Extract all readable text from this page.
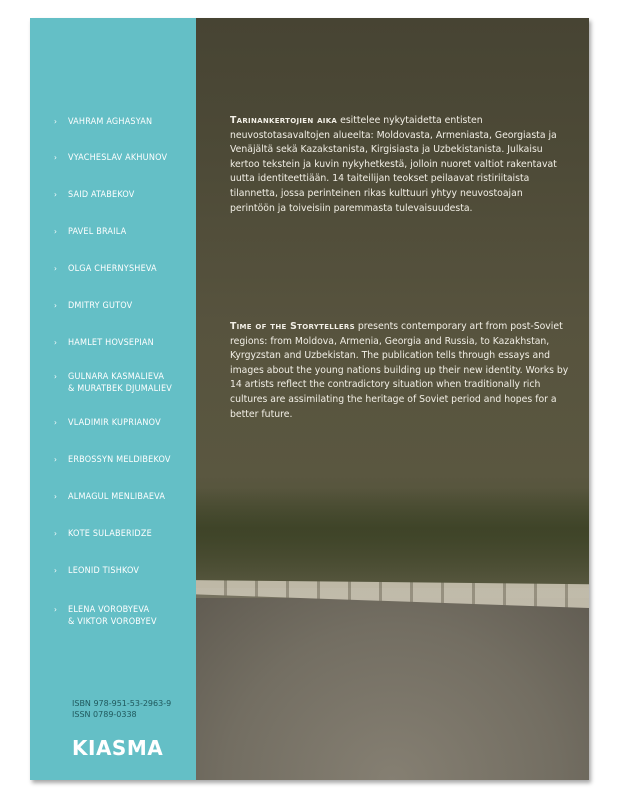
›	VAHRAM AGHASYAN
›	VYACHESLAV AKHUNOV
›	SAID ATABEKOV
›	PAVEL BRAILA
›	OLGA CHERNYSHEVA
›	DMITRY GUTOV
›	HAMLET HOVSEPIAN
›	GULNARA KASMALIEVA
& MURATBEK DJUMALIEV
›	VLADIMIR KUPRIANOV
›	ERBOSSYN MELDIBEKOV
›	ALMAGUL MENLIBAEVA
›	KOTE SULABERIDZE
›	LEONID TISHKOV
›	ELENA VOROBYEVA
& VIKTOR VOROBYEV
ISBN 978-951-53-2963-9
ISSN 0789-0338
KIASMA

Tarinankertojien aika esittelee nykytaidetta entisten neuvostotasavaltojen alueelta: Moldovasta, Armeniasta, Georgiasta ja Venäjältä sekä Kazakstanista, Kirgisiasta ja Uzbekistanista. Julkaisu kertoo tekstein ja kuvin nykyhetkestä, jolloin nuoret valtiot rakentavat uutta identiteettiään. 14 taiteilijan teokset peilaavat ristiriitaista tilannetta, jossa perinteinen rikas kulttuuri yhtyy neuvostoajan perintöön ja toiveisiin paremmasta tulevaisuudesta.

Time of the Storytellers presents contemporary art from post-Soviet regions: from Moldova, Armenia, Georgia and Russia, to Kazakhstan, Kyrgyzstan and Uzbekistan. The publication tells through essays and images about the young nations building up their new identity. Works by 14 artists reflect the contradictory situation when traditionally rich cultures are assimilating the heritage of Soviet period and hopes for a better future.
